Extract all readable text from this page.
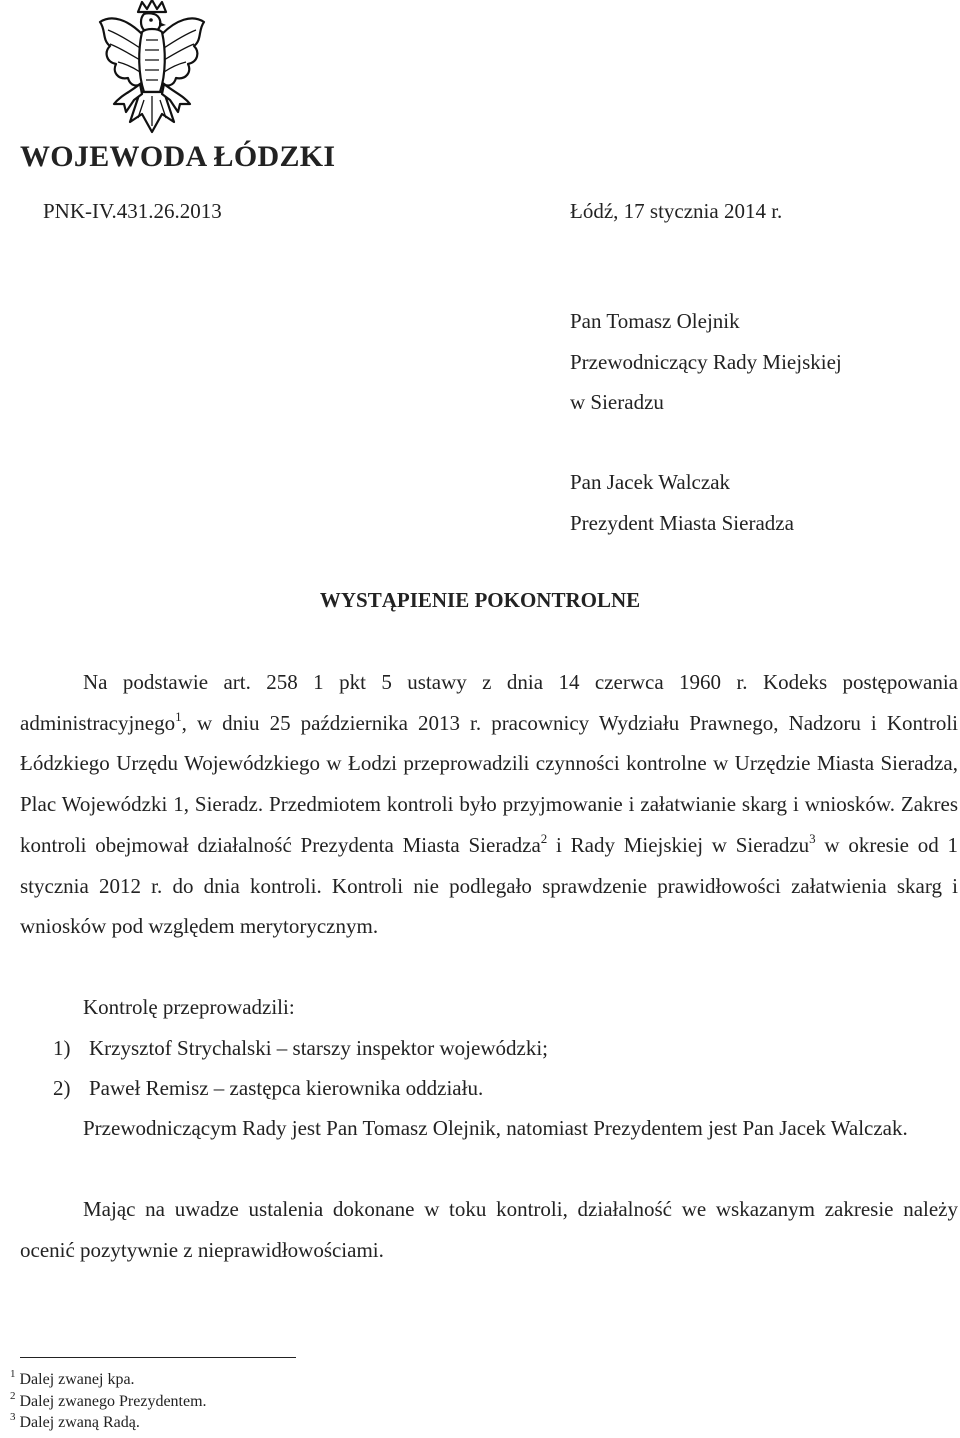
WOJEWODA ŁÓDZKI
PNK-IV.431.26.2013	Łódź, 17 stycznia 2014 r.
Pan Tomasz Olejnik
Przewodniczący Rady Miejskiej
w Sieradzu
Pan Jacek Walczak
Prezydent Miasta Sieradza
WYSTĄPIENIE POKONTROLNE
Na podstawie art. 258 1 pkt 5 ustawy z dnia 14 czerwca 1960 r. Kodeks postępowania administracyjnego$^1$, w dniu 25 października 2013 r. pracownicy Wydziału Prawnego, Nadzoru i Kontroli Łódzkiego Urzędu Wojewódzkiego w Łodzi przeprowadzili czynności kontrolne w Urzędzie Miasta Sieradza, Plac Wojewódzki 1, Sieradz. Przedmiotem kontroli było przyjmowanie i załatwianie skarg i wniosków. Zakres kontroli obejmował działalność Prezydenta Miasta Sieradza$^2$ i Rady Miejskiej w Sieradzu$^3$ w okresie od 1 stycznia 2012 r. do dnia kontroli. Kontroli nie podlegało sprawdzenie prawidłowości załatwienia skarg i wniosków pod względem merytorycznym.
Kontrolę przeprowadzili:
1) Krzysztof Strychalski – starszy inspektor wojewódzki;
2) Paweł Remisz – zastępca kierownika oddziału.
Przewodniczącym Rady jest Pan Tomasz Olejnik, natomiast Prezydentem jest Pan Jacek Walczak.
Mając na uwadze ustalenia dokonane w toku kontroli, działalność we wskazanym zakresie należy ocenić pozytywnie z nieprawidłowościami.
$^1$ Dalej zwanej kpa.
$^2$ Dalej zwanego Prezydentem.
$^3$ Dalej zwaną Radą.
